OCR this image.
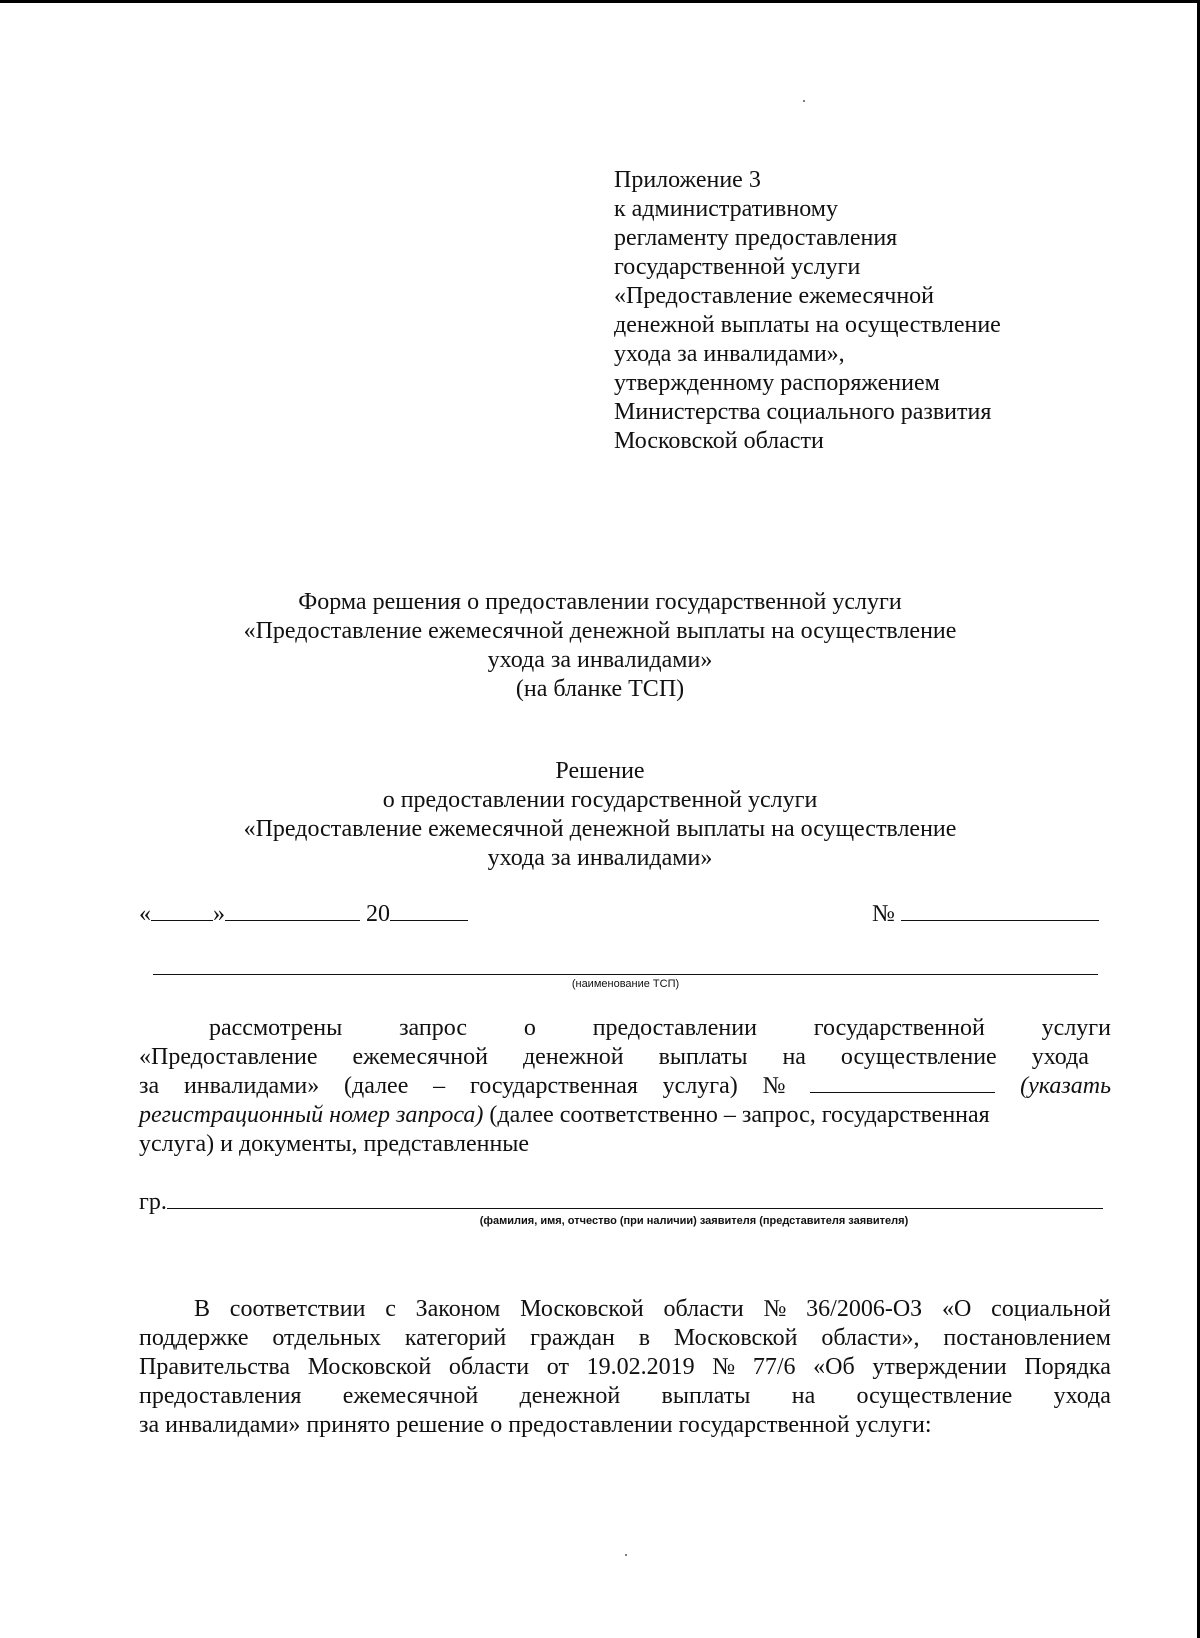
Приложение 3
к административному
регламенту предоставления
государственной услуги
«Предоставление ежемесячной
денежной выплаты на осуществление
ухода за инвалидами»,
утвержденному распоряжением
Министерства социального развития
Московской области
Форма решения о предоставлении государственной услуги
«Предоставление ежемесячной денежной выплаты на осуществление
ухода за инвалидами»
(на бланке ТСП)
Решение
о предоставлении государственной услуги
«Предоставление ежемесячной денежной выплаты на осуществление
ухода за инвалидами»
«	»	20	№
(наименование ТСП)
рассмотрены запрос о предоставлении государственной услуги
«Предоставление ежемесячной денежной выплаты на осуществление ухода
за инвалидами» (далее – государственная услуга) №	(указать
регистрационный номер запроса) (далее соответственно – запрос, государственная
услуга) и документы, представленные
гр.
(фамилия, имя, отчество (при наличии) заявителя (представителя заявителя)
В соответствии с Законом Московской области № 36/2006-ОЗ «О социальной
поддержке отдельных категорий граждан в Московской области», постановлением
Правительства Московской области от 19.02.2019 № 77/6 «Об утверждении Порядка
предоставления ежемесячной денежной выплаты на осуществление ухода
за инвалидами» принято решение о предоставлении государственной услуги:
